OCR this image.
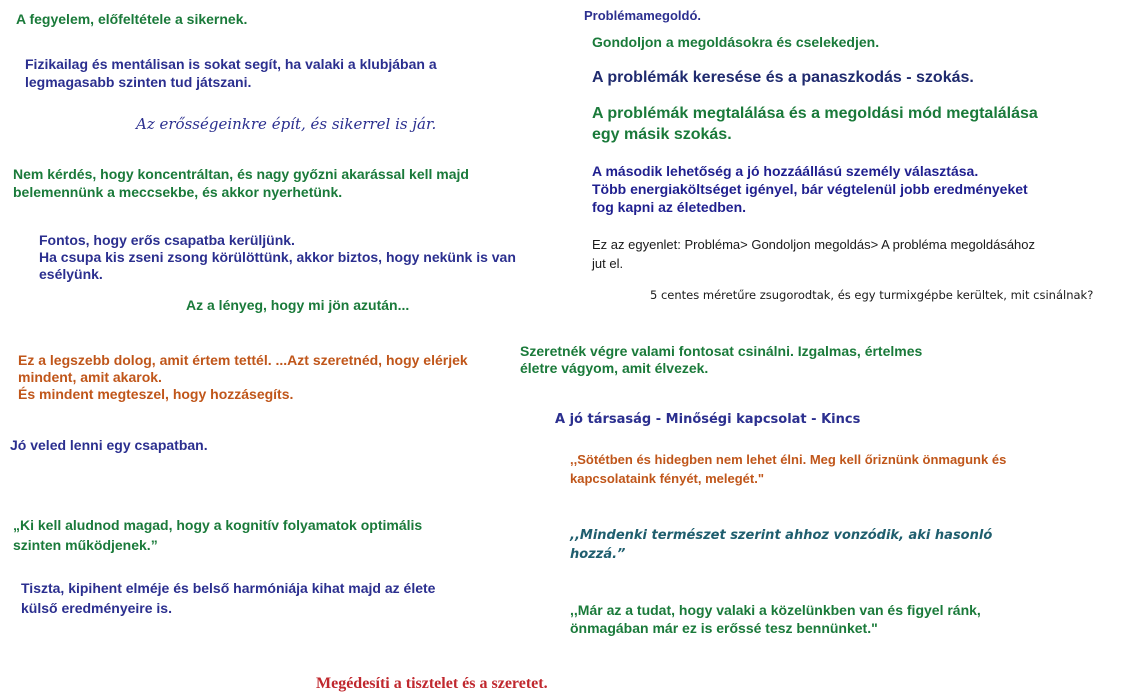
A fegyelem, előfeltétele a sikernek.

Fizikailag és mentálisan is sokat segít, ha valaki a klubjában a
legmagasabb szinten tud játszani.

Az erősségeinkre épít, és sikerrel is jár.

Nem kérdés, hogy koncentráltan, és nagy győzni akarással kell majd
belemennünk a meccsekbe, és akkor nyerhetünk.

Fontos, hogy erős csapatba kerüljünk.
Ha csupa kis zseni zsong körülöttünk, akkor biztos, hogy nekünk is van
esélyünk.

Az a lényeg, hogy mi jön azután...

Ez a legszebb dolog, amit értem tettél. ...Azt szeretnéd, hogy elérjek
mindent, amit akarok.
És mindent megteszel, hogy hozzásegíts.

Jó veled lenni egy csapatban.

„Ki kell aludnod magad, hogy a kognitív folyamatok optimális
szinten működjenek.”

Tiszta, kipihent elméje és belső harmóniája kihat majd az élete
külső eredményeire is.

Problémamegoldó.

Gondoljon a megoldásokra és cselekedjen.

A problémák keresése és a panaszkodás - szokás.

A problémák megtalálása és a megoldási mód megtalálása
egy másik szokás.

A második lehetőség a jó hozzáállású személy választása.
Több energiaköltséget igényel, bár végtelenül jobb eredményeket
fog kapni az életedben.

Ez az egyenlet: Probléma> Gondoljon megoldás> A probléma megoldásához
jut el.

5 centes méretűre zsugorodtak, és egy turmixgépbe kerültek, mit csinálnak?

Szeretnék végre valami fontosat csinálni. Izgalmas, értelmes
életre vágyom, amit élvezek.

A jó társaság - Minőségi kapcsolat - Kincs

,,Sötétben és hidegben nem lehet élni. Meg kell őriznünk önmagunk és
kapcsolataink fényét, melegét."

,,Mindenki természet szerint ahhoz vonzódik, aki hasonló
hozzá.”

,,Már az a tudat, hogy valaki a közelünkben van és figyel ránk,
önmagában már ez is erőssé tesz bennünket."

Megédesíti a tisztelet és a szeretet.
